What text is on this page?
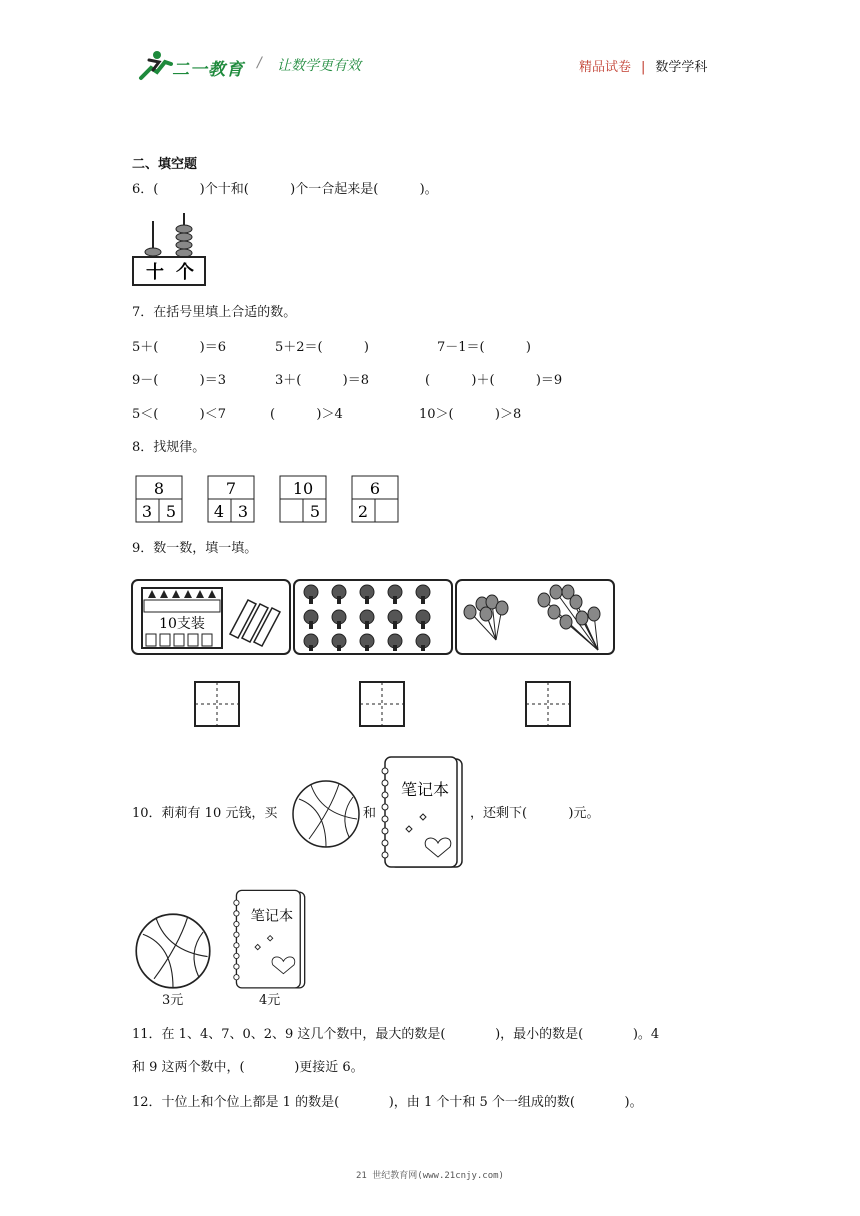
二一教育 / 让数学更有效	精品试卷 | 数学学科
二、填空题
6．(          )个十和(          )个一合起来是(          )。
十 个
7．在括号里填上合适的数。
5＋(          )＝6	5＋2＝(          )	7－1＝(          )
9－(          )＝3	3＋(          )＝8	(          )＋(          )＝9
5＜(          )＜7	(          )＞4	10＞(          )＞8
8．找规律。
8
3 5
7
4 3
10
5
6
2
9．数一数，填一填。
10支装
10．莉莉有 10 元钱，买	和
笔记本
，还剩下(          )元。
3元
笔记本
4元
11．在 1、4、7、0、2、9 这几个数中，最大的数是(            )，最小的数是(            )。4
和 9 这两个数中，(            )更接近 6。
12．十位上和个位上都是 1 的数是(            )，由 1 个十和 5 个一组成的数(            )。
21 世纪教育网(www.21cnjy.com)
